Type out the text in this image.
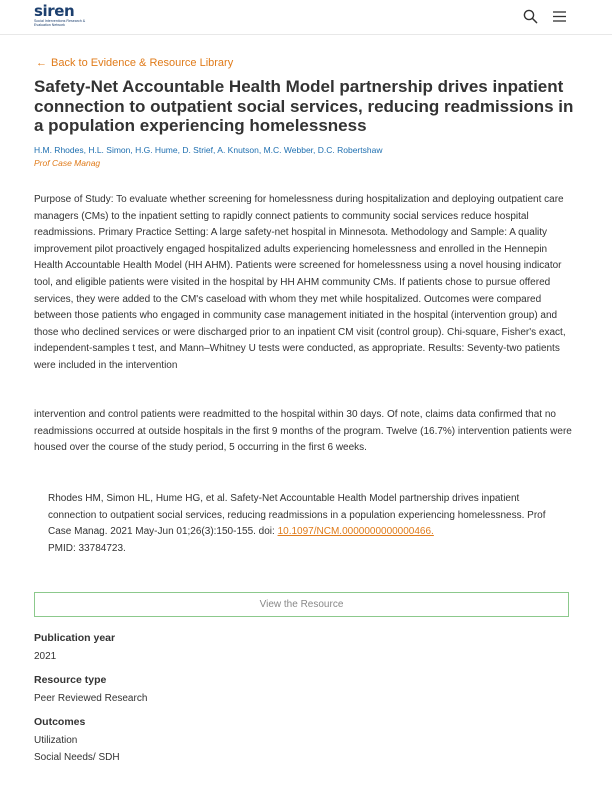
siren
Social Interventions Research & Evaluation Network
← Back to Evidence & Resource Library
Safety-Net Accountable Health Model partnership drives inpatient connection to outpatient social services, reducing readmissions in a population experiencing homelessness
H.M. Rhodes, H.L. Simon, H.G. Hume, D. Strief, A. Knutson, M.C. Webber, D.C. Robertshaw
Prof Case Manag
Purpose of Study: To evaluate whether screening for homelessness during hospitalization and deploying outpatient care managers (CMs) to the inpatient setting to rapidly connect patients to community social services reduce hospital readmissions. Primary Practice Setting: A large safety-net hospital in Minnesota. Methodology and Sample: A quality improvement pilot proactively engaged hospitalized adults experiencing homelessness and enrolled in the Hennepin Health Accountable Health Model (HH AHM). Patients were screened for homelessness using a novel housing indicator tool, and eligible patients were visited in the hospital by HH AHM community CMs. If patients chose to pursue offered services, they were added to the CM's caseload with whom they met while hospitalized. Outcomes were compared between those patients who engaged in community case management initiated in the hospital (intervention group) and those who declined services or were discharged prior to an inpatient CM visit (control group). Chi-square, Fisher's exact, independent-samples t test, and Mann–Whitney U tests were conducted, as appropriate. Results: Seventy-two patients were included in the intervention
intervention and control patients were readmitted to the hospital within 30 days. Of note, claims data confirmed that no readmissions occurred at outside hospitals in the first 9 months of the program. Twelve (16.7%) intervention patients were housed over the course of the study period, 5 occurring in the first 6 weeks.
Rhodes HM, Simon HL, Hume HG, et al. Safety-Net Accountable Health Model partnership drives inpatient connection to outpatient social services, reducing readmissions in a population experiencing homelessness. Prof Case Manag. 2021 May-Jun 01;26(3):150-155. doi: 10.1097/NCM.0000000000000466.
PMID: 33784723.
View the Resource
Publication year
2021
Resource type
Peer Reviewed Research
Outcomes
Utilization
Social Needs/ SDH
